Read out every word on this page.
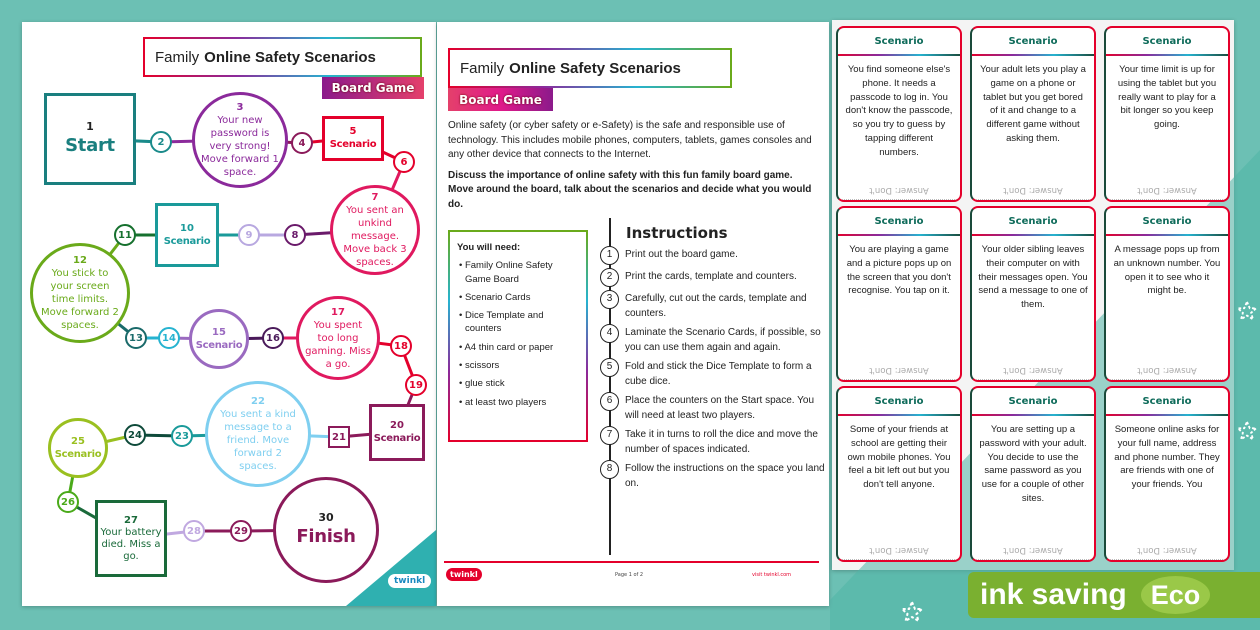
1
Start	2
3
Your new password is very strong! Move forward 1 space.
4
5
Scenario
6
7
You sent an unkind message. Move back 3 spaces.
8
9
10
Scenario
11
12
You stick to your screen time limits. Move forward 2 spaces.
13 14	15
Scenario
16
17
You spent too long gaming. Miss a go.
18
19
20
Scenario
21
22
You sent a kind message to a friend. Move forward 2 spaces.
23
24
25
Scenario
26
27
Your battery died. Miss a go.
28	29
30
Finish
Family Online Safety Scenarios
Board Game
twinkl
Family Online Safety Scenarios
Board Game

Online safety (or cyber safety or e-Safety) is the safe and responsible use of technology. This includes mobile phones, computers, tablets, games consoles and any other device that connects to the Internet.

Discuss the importance of online safety with this fun family board game. Move around the board, talk about the scenarios and decide what you would do.

You will need:
• Family Online Safety Game Board
• Scenario Cards
• Dice Template and counters
• A4 thin card or paper
• scissors
• glue stick
• at least two players
Instructions
1	Print out the board game.
2	Print the cards, template and counters.
3	Carefully, cut out the cards, template and counters.
4	Laminate the Scenario Cards, if possible, so you can use them again and again.
5	Fold and stick the Dice Template to form a cube dice.
6	Place the counters on the Start space. You will need at least two players.
7	Take it in turns to roll the dice and move the number of spaces indicated.
8	Follow the instructions on the space you land on.
twinkl	Page 1 of 2	visit twinkl.com
Scenario
You find someone else's phone. It needs a passcode to log in. You don't know the passcode, so you try to guess by tapping different numbers.
Answer: Don't
Scenario
Your adult lets you play a game on a phone or tablet but you get bored of it and change to a different game without asking them.
Answer: Don't
Scenario
Your time limit is up for using the tablet but you really want to play for a bit longer so you keep going.
Answer: Don't
Scenario
You are playing a game and a picture pops up on the screen that you don't recognise. You tap on it.
Answer: Don't
Scenario
Your older sibling leaves their computer on with their messages open. You send a message to one of them.
Answer: Don't
Scenario
A message pops up from an unknown number. You open it to see who it might be.
Answer: Don't
Scenario
Some of your friends at school are getting their own mobile phones. You feel a bit left out but you don't tell anyone.
Answer: Don't
Scenario
You are setting up a password with your adult. You decide to use the same password as you use for a couple of other sites.
Answer: Don't
Scenario
Someone online asks for your full name, address and phone number. They are friends with one of your friends. You
Answer: Don't
ink saving Eco
